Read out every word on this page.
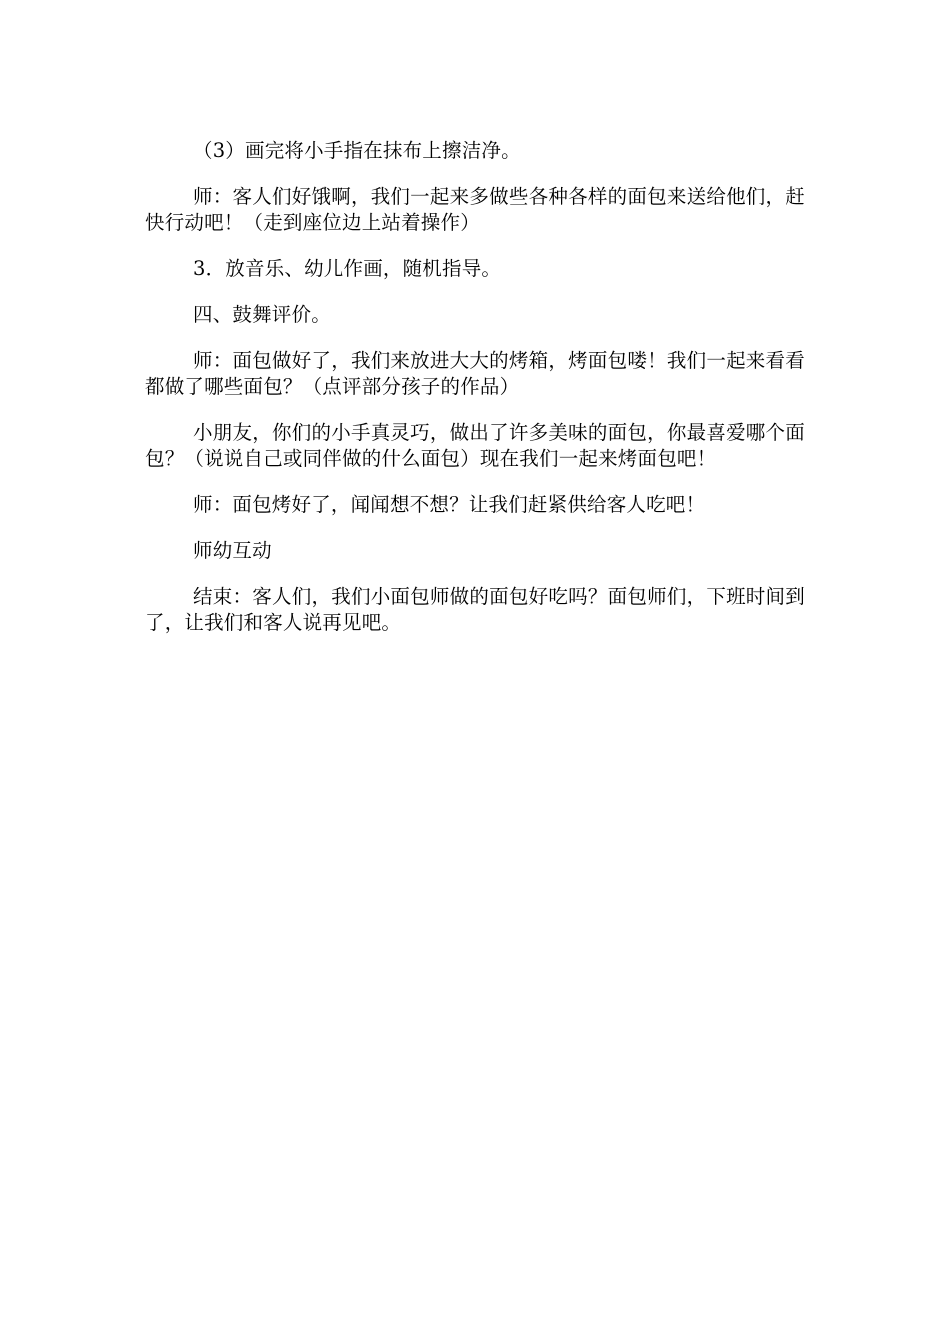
（3）画完将小手指在抹布上擦洁净。

师：客人们好饿啊，我们一起来多做些各种各样的面包来送给他们，赶快行动吧！（走到座位边上站着操作）

3．放音乐、幼儿作画，随机指导。

四、鼓舞评价。

师：面包做好了，我们来放进大大的烤箱，烤面包喽！我们一起来看看都做了哪些面包？（点评部分孩子的作品）

小朋友，你们的小手真灵巧，做出了许多美味的面包，你最喜爱哪个面包？（说说自己或同伴做的什么面包）现在我们一起来烤面包吧！

师：面包烤好了，闻闻想不想？让我们赶紧供给客人吃吧！

师幼互动

结束：客人们，我们小面包师做的面包好吃吗？面包师们，下班时间到了，让我们和客人说再见吧。
